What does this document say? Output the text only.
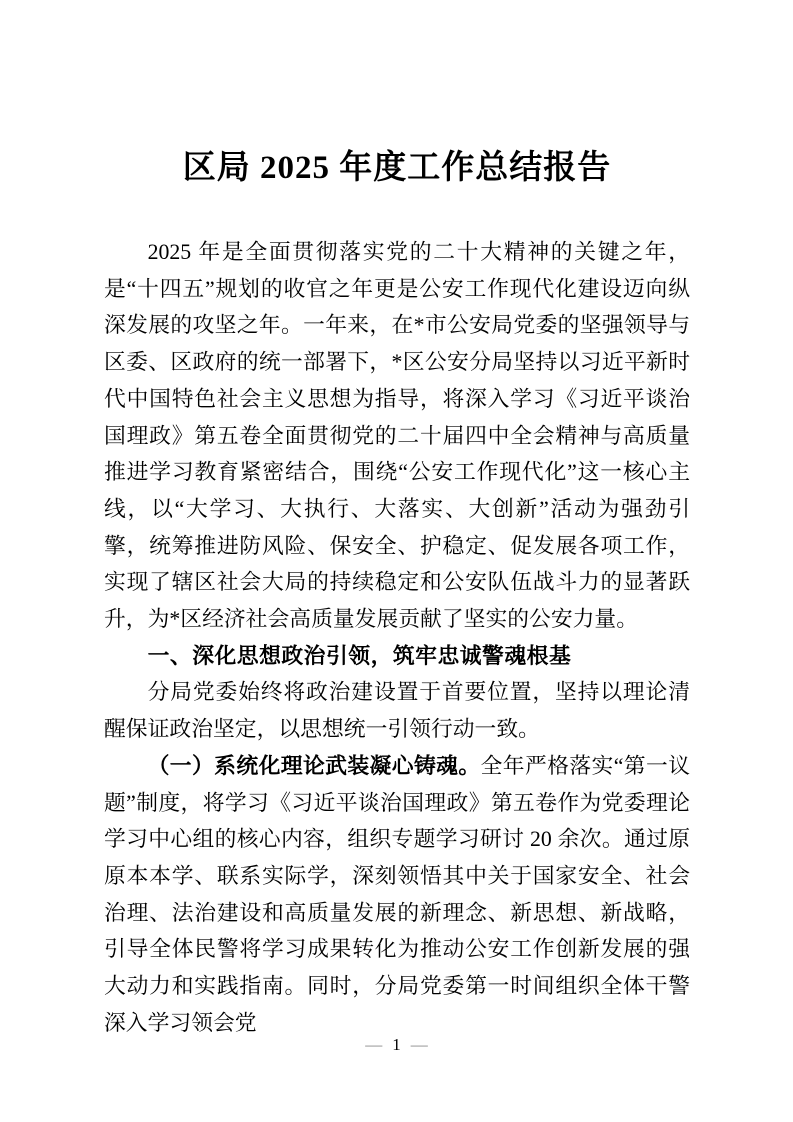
区局 2025 年度工作总结报告

2025 年是全面贯彻落实党的二十大精神的关键之年，是“十四五”规划的收官之年更是公安工作现代化建设迈向纵深发展的攻坚之年。一年来，在*市公安局党委的坚强领导与区委、区政府的统一部署下，*区公安分局坚持以习近平新时代中国特色社会主义思想为指导，将深入学习《习近平谈治国理政》第五卷全面贯彻党的二十届四中全会精神与高质量推进学习教育紧密结合，围绕“公安工作现代化”这一核心主线，以“大学习、大执行、大落实、大创新”活动为强劲引擎，统筹推进防风险、保安全、护稳定、促发展各项工作，实现了辖区社会大局的持续稳定和公安队伍战斗力的显著跃升，为*区经济社会高质量发展贡献了坚实的公安力量。

一、深化思想政治引领，筑牢忠诚警魂根基

分局党委始终将政治建设置于首要位置，坚持以理论清醒保证政治坚定，以思想统一引领行动一致。

（一）系统化理论武装凝心铸魂。全年严格落实“第一议题”制度，将学习《习近平谈治国理政》第五卷作为党委理论学习中心组的核心内容，组织专题学习研讨 20 余次。通过原原本本学、联系实际学，深刻领悟其中关于国家安全、社会治理、法治建设和高质量发展的新理念、新思想、新战略，引导全体民警将学习成果转化为推动公安工作创新发展的强大动力和实践指南。同时，分局党委第一时间组织全体干警深入学习领会党

— 1 —
